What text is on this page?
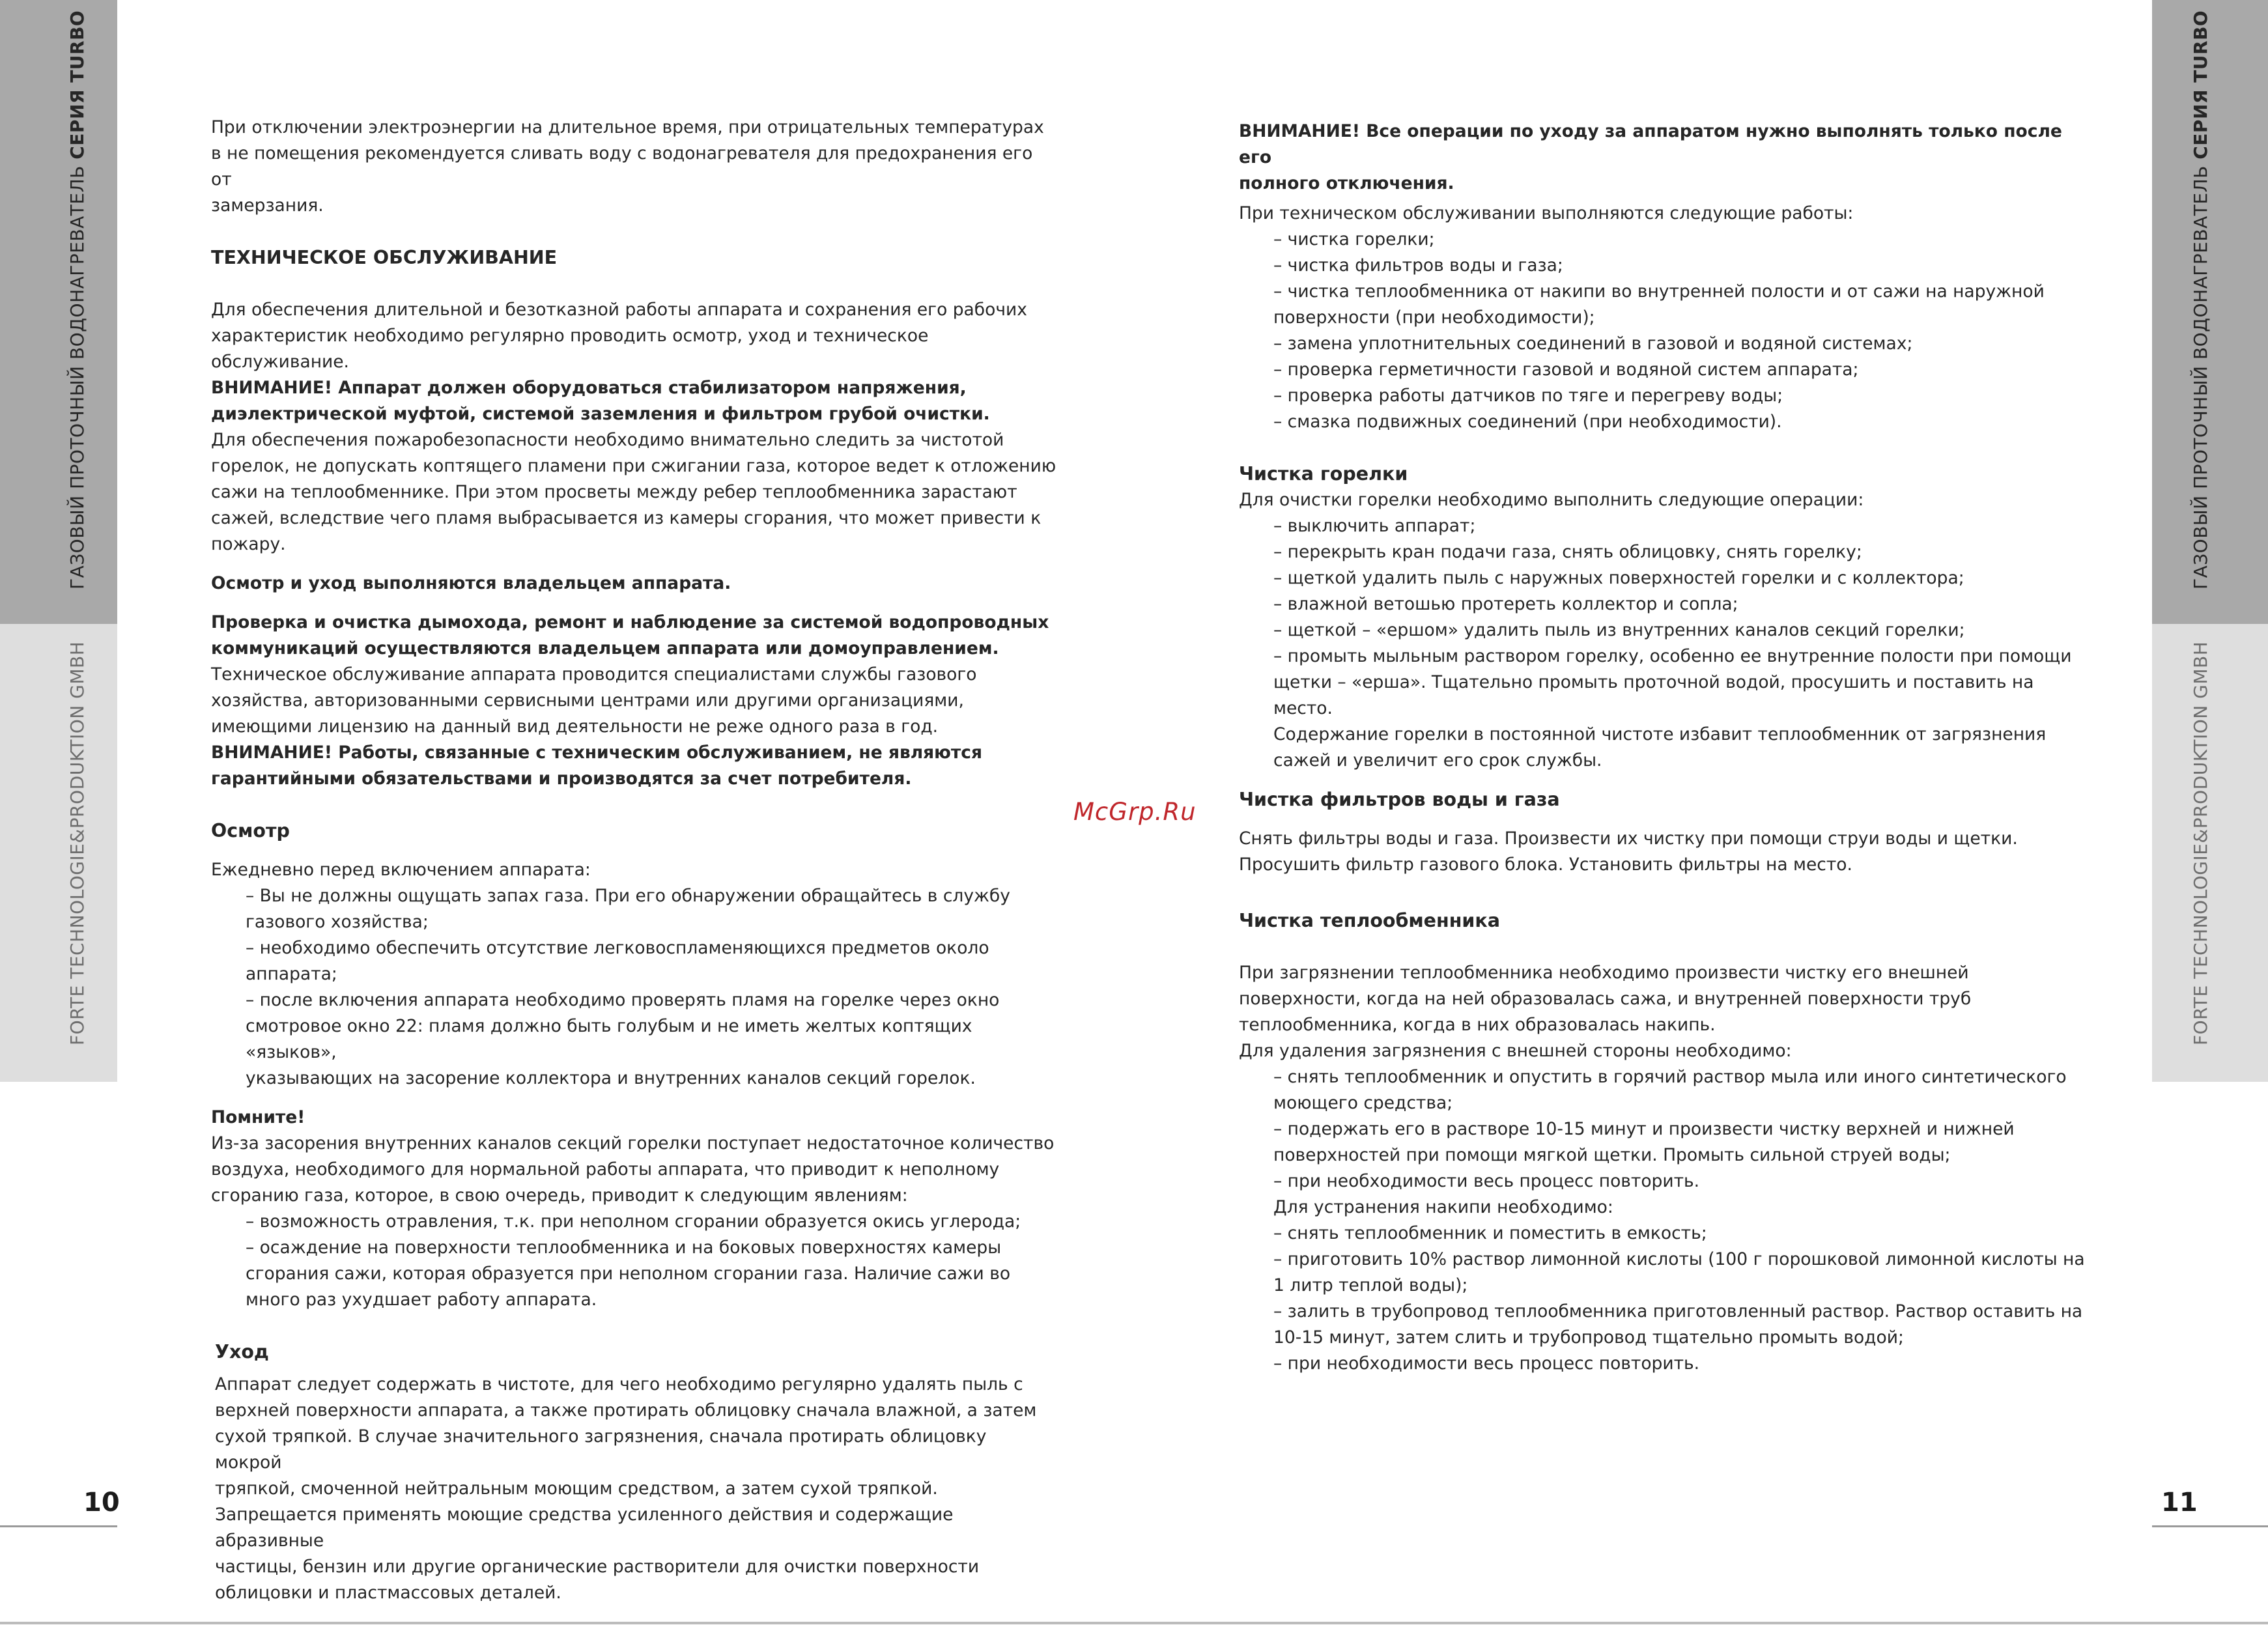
ГАЗОВЫЙ ПРОТОЧНЫЙ ВОДОНАГРЕВАТЕЛЬ СЕРИЯ TURBO
FORTE TECHNOLOGIE&PRODUKTION GMBH
ГАЗОВЫЙ ПРОТОЧНЫЙ ВОДОНАГРЕВАТЕЛЬ СЕРИЯ TURBO
FORTE TECHNOLOGIE&PRODUKTION GMBH
10	11
McGrp.Ru

При отключении электроэнергии на длительное время, при отрицательных температурах

в не помещения рекомендуется сливать воду с водонагревателя для предохранения его от

замерзания.

ТЕХНИЧЕСКОЕ ОБСЛУЖИВАНИЕ

Для обеспечения длительной и безотказной работы аппарата и сохранения его рабочих

характеристик необходимо регулярно проводить осмотр, уход и техническое обслуживание.

ВНИМАНИЕ! Аппарат должен оборудоваться стабилизатором напряжения,

диэлектрической муфтой, системой заземления и фильтром грубой очистки.

Для обеспечения пожаробезопасности необходимо внимательно следить за чистотой

горелок, не допускать коптящего пламени при сжигании газа, которое ведет к отложению

сажи на теплообменнике. При этом просветы между ребер теплообменника зарастают

сажей, вследствие чего пламя выбрасывается из камеры сгорания, что может привести к

пожару.

Осмотр и уход выполняются владельцем аппарата.

Проверка и очистка дымохода, ремонт и наблюдение за системой водопроводных

коммуникаций осуществляются владельцем аппарата или домоуправлением.

Техническое обслуживание аппарата проводится специалистами службы газового

хозяйства, авторизованными сервисными центрами или другими организациями,

имеющими лицензию на данный вид деятельности не реже одного раза в год.

ВНИМАНИЕ! Работы, связанные с техническим обслуживанием, не являются

гарантийными обязательствами и производятся за счет потребителя.

Осмотр

Ежедневно перед включением аппарата:

– Вы не должны ощущать запах газа. При его обнаружении обращайтесь в службу

газового хозяйства;

– необходимо обеспечить отсутствие легковоспламеняющихся предметов около

аппарата;

– после включения аппарата необходимо проверять пламя на горелке через окно

смотровое окно 22: пламя должно быть голубым и не иметь желтых коптящих «языков»,

указывающих на засорение коллектора и внутренних каналов секций горелок.

Помните!

Из-за засорения внутренних каналов секций горелки поступает недостаточное количество

воздуха, необходимого для нормальной работы аппарата, что приводит к неполному

сгоранию газа, которое, в свою очередь, приводит к следующим явлениям:

– возможность отравления, т.к. при неполном сгорании образуется окись углерода;

– осаждение на поверхности теплообменника и на боковых поверхностях камеры

сгорания сажи, которая образуется при неполном сгорании газа. Наличие сажи во

много раз ухудшает работу аппарата.

Уход

Аппарат следует содержать в чистоте, для чего необходимо регулярно удалять пыль с

верхней поверхности аппарата, а также протирать облицовку сначала влажной, а затем

сухой тряпкой. В случае значительного загрязнения, сначала протирать облицовку мокрой

тряпкой, смоченной нейтральным моющим средством, а затем сухой тряпкой.

Запрещается применять моющие средства усиленного действия и содержащие абразивные

частицы, бензин или другие органические растворители для очистки поверхности

облицовки и пластмассовых деталей.

ВНИМАНИЕ! Все операции по уходу за аппаратом нужно выполнять только после его

полного отключения.

При техническом обслуживании выполняются следующие работы:

– чистка горелки;

– чистка фильтров воды и газа;

– чистка теплообменника от накипи во внутренней полости и от сажи на наружной

поверхности (при необходимости);

– замена уплотнительных соединений в газовой и водяной системах;

– проверка герметичности газовой и водяной систем аппарата;

– проверка работы датчиков по тяге и перегреву воды;

– смазка подвижных соединений (при необходимости).

Чистка горелки

Для очистки горелки необходимо выполнить следующие операции:

– выключить аппарат;

– перекрыть кран подачи газа, снять облицовку, снять горелку;

– щеткой удалить пыль с наружных поверхностей горелки и с коллектора;

– влажной ветошью протереть коллектор и сопла;

– щеткой – «ершом» удалить пыль из внутренних каналов секций горелки;

– промыть мыльным раствором горелку, особенно ее внутренние полости при помощи

щетки – «ерша». Тщательно промыть проточной водой, просушить и поставить на

место.

Содержание горелки в постоянной чистоте избавит теплообменник от загрязнения

сажей и увеличит его срок службы.

Чистка фильтров воды и газа

Снять фильтры воды и газа. Произвести их чистку при помощи струи воды и щетки.

Просушить фильтр газового блока. Установить фильтры на место.

Чистка теплообменника

При загрязнении теплообменника необходимо произвести чистку его внешней

поверхности, когда на ней образовалась сажа, и внутренней поверхности труб

теплообменника, когда в них образовалась накипь.

Для удаления загрязнения с внешней стороны необходимо:

– снять теплообменник и опустить в горячий раствор мыла или иного синтетического

моющего средства;

– подержать его в растворе 10-15 минут и произвести чистку верхней и нижней

поверхностей при помощи мягкой щетки. Промыть сильной струей воды;

– при необходимости весь процесс повторить.

Для устранения накипи необходимо:

– снять теплообменник и поместить в емкость;

– приготовить 10% раствор лимонной кислоты (100 г порошковой лимонной кислоты на

1 литр теплой воды);

– залить в трубопровод теплообменника приготовленный раствор. Раствор оставить на

10-15 минут, затем слить и трубопровод тщательно промыть водой;

– при необходимости весь процесс повторить.
